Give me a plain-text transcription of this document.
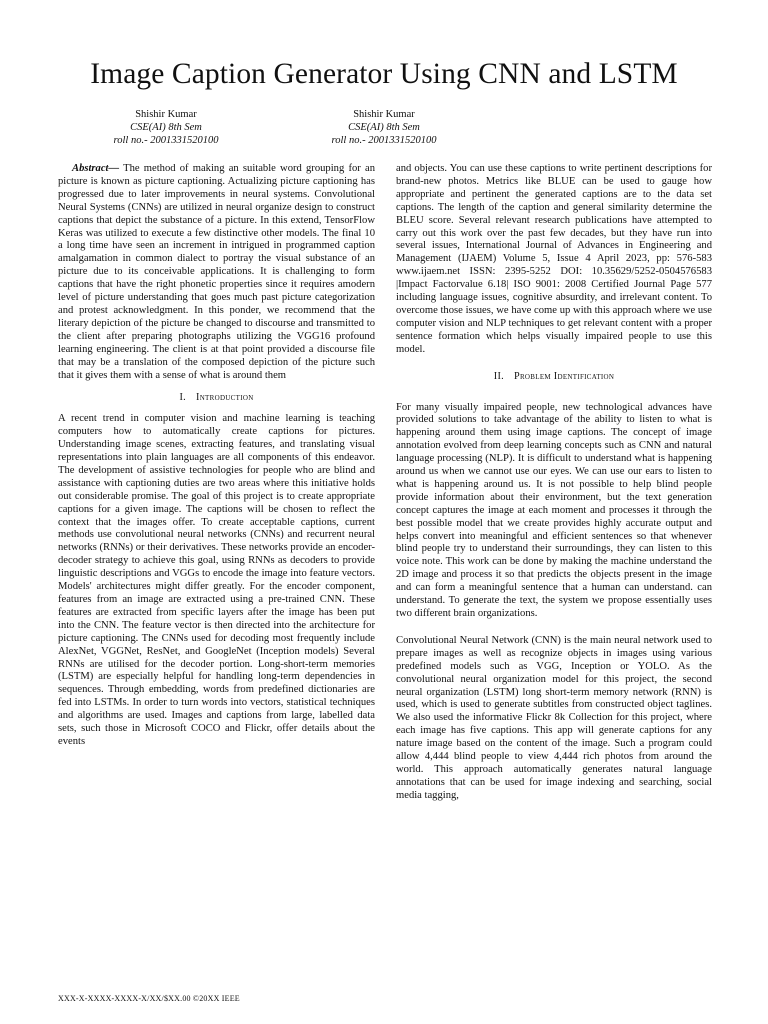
Image Caption Generator Using CNN and LSTM
Shishir Kumar
CSE(AI) 8th Sem
roll no.- 2001331520100
Shishir Kumar
CSE(AI) 8th Sem
roll no.- 2001331520100

Abstract— The method of making an suitable word grouping for an picture is known as picture captioning. Actualizing picture captioning has progressed due to later improvements in neural systems. Convolutional Neural Systems (CNNs) are utilized in neural organize design to construct captions that depict the substance of a picture. In this extend, TensorFlow Keras was utilized to execute a few distinctive other models. The final 10 a long time have seen an increment in intrigued in programmed caption amalgamation in common dialect to portray the visual substance of an picture due to its conceivable applications. It is challenging to form captions that have the right phonetic properties since it requires amodern level of picture understanding that goes much past picture categorization and protest acknowledgment. In this ponder, we recommend that the literary depiction of the picture be changed to discourse and transmitted to the client after preparing photographs utilizing the VGG16 profound learning engineering. The client is at that point provided a discourse file that may be a translation of the composed depiction of the picture such that it gives them with a sense of what is around them

I. Introduction

A recent trend in computer vision and machine learning is teaching computers how to automatically create captions for pictures. Understanding image scenes, extracting features, and translating visual representations into plain languages are all components of this endeavor. The development of assistive technologies for people who are blind and assistance with captioning duties are two areas where this initiative holds out considerable promise. The goal of this project is to create appropriate captions for a given image. The captions will be chosen to reflect the context that the images offer. To create acceptable captions, current methods use convolutional neural networks (CNNs) and recurrent neural networks (RNNs) or their derivatives. These networks provide an encoder-decoder strategy to achieve this goal, using RNNs as decoders to provide linguistic descriptions and VGGs to encode the image into feature vectors. Models' architectures might differ greatly. For the encoder component, features from an image are extracted using a pre-trained CNN. These features are extracted from specific layers after the image has been put into the CNN. The feature vector is then directed into the architecture for picture captioning. The CNNs used for decoding most frequently include AlexNet, VGGNet, ResNet, and GoogleNet (Inception models) Several RNNs are utilised for the decoder portion. Long-short-term memories (LSTM) are especially helpful for handling long-term dependencies in sequences. Through embedding, words from predefined dictionaries are fed into LSTMs. In order to turn words into vectors, statistical techniques and algorithms are used. Images and captions from large, labelled data sets, such those in Microsoft COCO and Flickr, offer details about the events

and objects. You can use these captions to write pertinent descriptions for brand-new photos. Metrics like BLUE can be used to gauge how appropriate and pertinent the generated captions are to the data set captions. The length of the caption and general similarity determine the BLEU score. Several relevant research publications have attempted to carry out this work over the past few decades, but they have run into several issues, International Journal of Advances in Engineering and Management (IJAEM) Volume 5, Issue 4 April 2023, pp: 576-583 www.ijaem.net ISSN: 2395-5252 DOI: 10.35629/5252-0504576583 |Impact Factorvalue 6.18| ISO 9001: 2008 Certified Journal Page 577 including language issues, cognitive absurdity, and irrelevant content. To overcome those issues, we have come up with this approach where we use computer vision and NLP techniques to get relevant content with a proper sentence formation which helps visually impaired people to use this model.

II. Problem Identification

For many visually impaired people, new technological advances have provided solutions to take advantage of the ability to listen to what is happening around them using image captions. The concept of image annotation evolved from deep learning concepts such as CNN and natural language processing (NLP). It is difficult to understand what is happening around us when we cannot use our eyes. We can use our ears to listen to what is happening around us. It is not possible to help blind people provide information about their environment, but the text generation concept captures the image at each moment and processes it through the best possible model that we create provides highly accurate output and helps convert into meaningful and efficient sentences so that whenever blind people try to understand their surroundings, they can listen to this voice note. This work can be done by making the machine understand the 2D image and process it so that predicts the objects present in the image and can form a meaningful sentence that a human can understand. can understand. To generate the text, the system we propose essentially uses two different brain organizations.

Convolutional Neural Network (CNN) is the main neural network used to prepare images as well as recognize objects in images using various predefined models such as VGG, Inception or YOLO. As the convolutional neural organization model for this project, the second neural organization (LSTM) long short-term memory network (RNN) is used, which is used to generate subtitles from constructed object taglines. We also used the informative Flickr 8k Collection for this project, where each image has five captions. This app will generate captions for any nature image based on the content of the image. Such a program could allow 4,444 blind people to view 4,444 rich photos from around the world. This approach automatically generates natural language annotations that can be used for image indexing and searching, social media tagging,

XXX-X-XXXX-XXXX-X/XX/$XX.00 ©20XX IEEE
